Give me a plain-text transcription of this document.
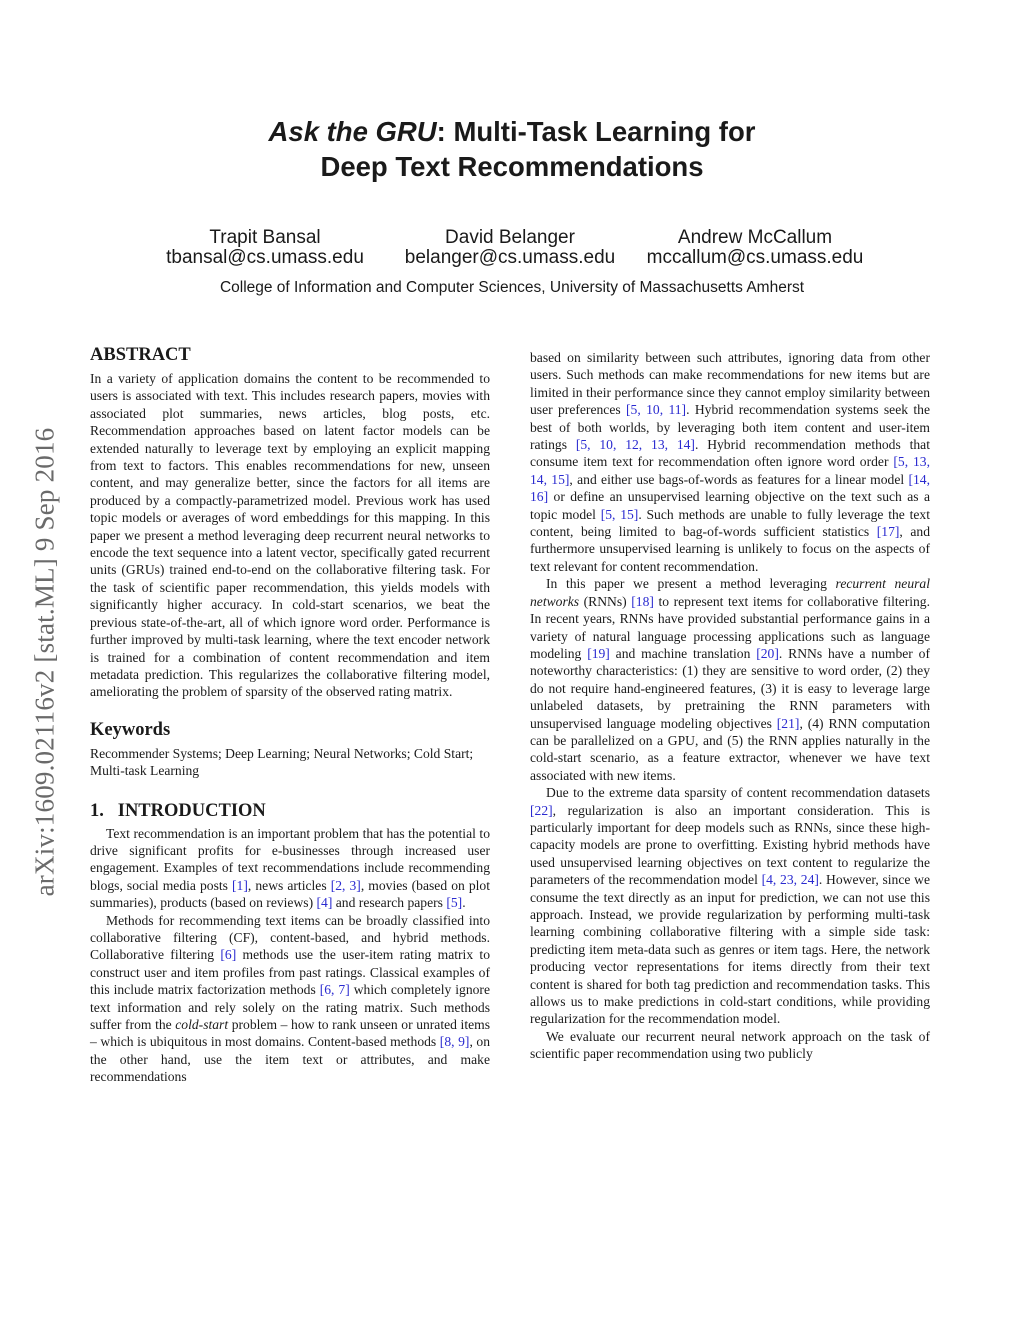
arXiv:1609.02116v2 [stat.ML] 9 Sep 2016
Ask the GRU: Multi-Task Learning for
Deep Text Recommendations
Trapit Bansal
tbansal@cs.umass.edu
David Belanger
belanger@cs.umass.edu
Andrew McCallum
mccallum@cs.umass.edu
College of Information and Computer Sciences, University of Massachusetts Amherst
ABSTRACT

In a variety of application domains the content to be recommended to users is associated with text. This includes research papers, movies with associated plot summaries, news articles, blog posts, etc. Recommendation approaches based on latent factor models can be extended naturally to leverage text by employing an explicit mapping from text to factors. This enables recommendations for new, unseen content, and may generalize better, since the factors for all items are produced by a compactly-parametrized model. Previous work has used topic models or averages of word embeddings for this mapping. In this paper we present a method leveraging deep recurrent neural networks to encode the text sequence into a latent vector, specifically gated recurrent units (GRUs) trained end-to-end on the collaborative filtering task. For the task of scientific paper recommendation, this yields models with significantly higher accuracy. In cold-start scenarios, we beat the previous state-of-the-art, all of which ignore word order. Performance is further improved by multi-task learning, where the text encoder network is trained for a combination of content recommendation and item metadata prediction. This regularizes the collaborative filtering model, ameliorating the problem of sparsity of the observed rating matrix.

Keywords

Recommender Systems; Deep Learning; Neural Networks; Cold Start; Multi-task Learning

1.   INTRODUCTION

Text recommendation is an important problem that has the potential to drive significant profits for e-businesses through increased user engagement. Examples of text recommendations include recommending blogs, social media posts [1], news articles [2, 3], movies (based on plot summaries), products (based on reviews) [4] and research papers [5].

Methods for recommending text items can be broadly classified into collaborative filtering (CF), content-based, and hybrid methods. Collaborative filtering [6] methods use the user-item rating matrix to construct user and item profiles from past ratings. Classical examples of this include matrix factorization methods [6, 7] which completely ignore text information and rely solely on the rating matrix. Such methods suffer from the cold-start problem – how to rank unseen or unrated items – which is ubiquitous in most domains. Content-based methods [8, 9], on the other hand, use the item text or attributes, and make recommendations

based on similarity between such attributes, ignoring data from other users. Such methods can make recommendations for new items but are limited in their performance since they cannot employ similarity between user preferences [5, 10, 11]. Hybrid recommendation systems seek the best of both worlds, by leveraging both item content and user-item ratings [5, 10, 12, 13, 14]. Hybrid recommendation methods that consume item text for recommendation often ignore word order [5, 13, 14, 15], and either use bags-of-words as features for a linear model [14, 16] or define an unsupervised learning objective on the text such as a topic model [5, 15]. Such methods are unable to fully leverage the text content, being limited to bag-of-words sufficient statistics [17], and furthermore unsupervised learning is unlikely to focus on the aspects of text relevant for content recommendation.

In this paper we present a method leveraging recurrent neural networks (RNNs) [18] to represent text items for collaborative filtering. In recent years, RNNs have provided substantial performance gains in a variety of natural language processing applications such as language modeling [19] and machine translation [20]. RNNs have a number of noteworthy characteristics: (1) they are sensitive to word order, (2) they do not require hand-engineered features, (3) it is easy to leverage large unlabeled datasets, by pretraining the RNN parameters with unsupervised language modeling objectives [21], (4) RNN computation can be parallelized on a GPU, and (5) the RNN applies naturally in the cold-start scenario, as a feature extractor, whenever we have text associated with new items.

Due to the extreme data sparsity of content recommendation datasets [22], regularization is also an important consideration. This is particularly important for deep models such as RNNs, since these high-capacity models are prone to overfitting. Existing hybrid methods have used unsupervised learning objectives on text content to regularize the parameters of the recommendation model [4, 23, 24]. However, since we consume the text directly as an input for prediction, we can not use this approach. Instead, we provide regularization by performing multi-task learning combining collaborative filtering with a simple side task: predicting item meta-data such as genres or item tags. Here, the network producing vector representations for items directly from their text content is shared for both tag prediction and recommendation tasks. This allows us to make predictions in cold-start conditions, while providing regularization for the recommendation model.

We evaluate our recurrent neural network approach on the task of scientific paper recommendation using two publicly
